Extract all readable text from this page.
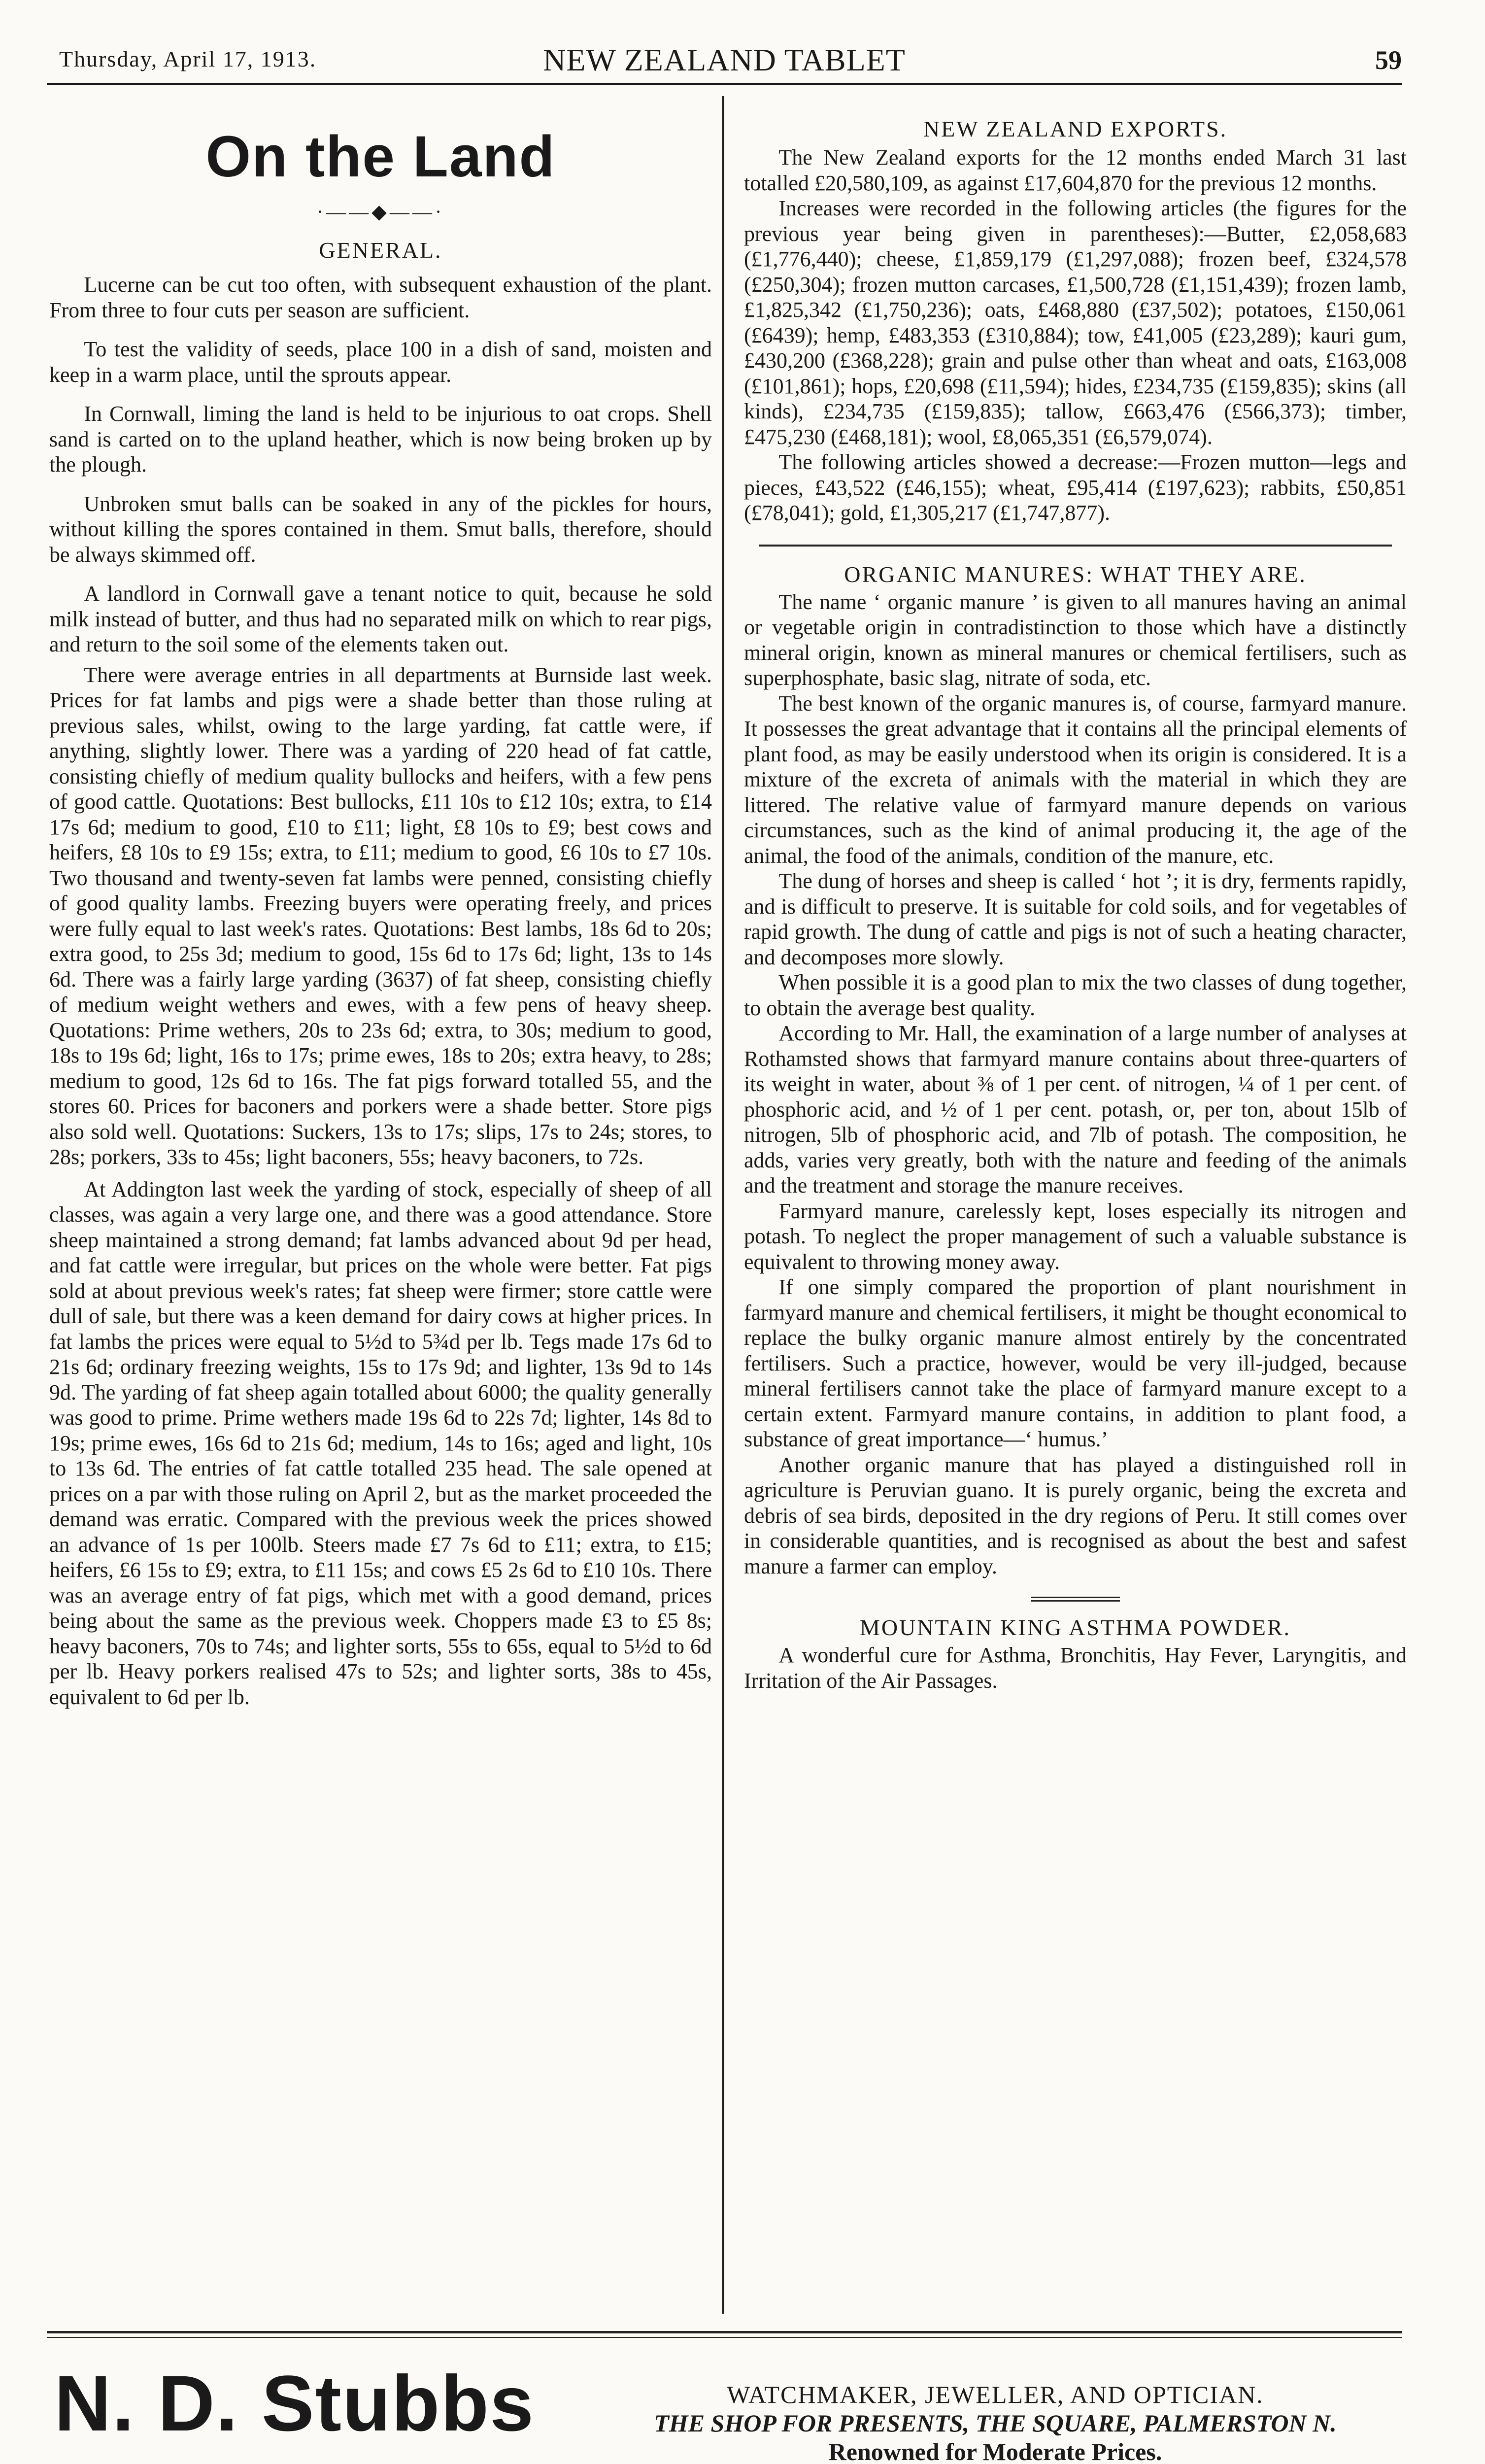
Thursday, April 17, 1913.	NEW ZEALAND TABLET	59
On the Land
·——◆——·
GENERAL.

Lucerne can be cut too often, with subsequent exhaustion of the plant. From three to four cuts per season are sufficient.

To test the validity of seeds, place 100 in a dish of sand, moisten and keep in a warm place, until the sprouts appear.

In Cornwall, liming the land is held to be injurious to oat crops. Shell sand is carted on to the upland heather, which is now being broken up by the plough.

Unbroken smut balls can be soaked in any of the pickles for hours, without killing the spores contained in them. Smut balls, therefore, should be always skimmed off.

A landlord in Cornwall gave a tenant notice to quit, because he sold milk instead of butter, and thus had no separated milk on which to rear pigs, and return to the soil some of the elements taken out.

There were average entries in all departments at Burnside last week. Prices for fat lambs and pigs were a shade better than those ruling at previous sales, whilst, owing to the large yarding, fat cattle were, if anything, slightly lower. There was a yarding of 220 head of fat cattle, consisting chiefly of medium quality bullocks and heifers, with a few pens of good cattle. Quotations: Best bullocks, £11 10s to £12 10s; extra, to £14 17s 6d; medium to good, £10 to £11; light, £8 10s to £9; best cows and heifers, £8 10s to £9 15s; extra, to £11; medium to good, £6 10s to £7 10s. Two thousand and twenty-seven fat lambs were penned, consisting chiefly of good quality lambs. Freezing buyers were operating freely, and prices were fully equal to last week's rates. Quotations: Best lambs, 18s 6d to 20s; extra good, to 25s 3d; medium to good, 15s 6d to 17s 6d; light, 13s to 14s 6d. There was a fairly large yarding (3637) of fat sheep, consisting chiefly of medium weight wethers and ewes, with a few pens of heavy sheep. Quotations: Prime wethers, 20s to 23s 6d; extra, to 30s; medium to good, 18s to 19s 6d; light, 16s to 17s; prime ewes, 18s to 20s; extra heavy, to 28s; medium to good, 12s 6d to 16s. The fat pigs forward totalled 55, and the stores 60. Prices for baconers and porkers were a shade better. Store pigs also sold well. Quotations: Suckers, 13s to 17s; slips, 17s to 24s; stores, to 28s; porkers, 33s to 45s; light baconers, 55s; heavy baconers, to 72s.

At Addington last week the yarding of stock, especially of sheep of all classes, was again a very large one, and there was a good attendance. Store sheep maintained a strong demand; fat lambs advanced about 9d per head, and fat cattle were irregular, but prices on the whole were better. Fat pigs sold at about previous week's rates; fat sheep were firmer; store cattle were dull of sale, but there was a keen demand for dairy cows at higher prices. In fat lambs the prices were equal to 5½d to 5¾d per lb. Tegs made 17s 6d to 21s 6d; ordinary freezing weights, 15s to 17s 9d; and lighter, 13s 9d to 14s 9d. The yarding of fat sheep again totalled about 6000; the quality generally was good to prime. Prime wethers made 19s 6d to 22s 7d; lighter, 14s 8d to 19s; prime ewes, 16s 6d to 21s 6d; medium, 14s to 16s; aged and light, 10s to 13s 6d. The entries of fat cattle totalled 235 head. The sale opened at prices on a par with those ruling on April 2, but as the market proceeded the demand was erratic. Compared with the previous week the prices showed an advance of 1s per 100lb. Steers made £7 7s 6d to £11; extra, to £15; heifers, £6 15s to £9; extra, to £11 15s; and cows £5 2s 6d to £10 10s. There was an average entry of fat pigs, which met with a good demand, prices being about the same as the previous week. Choppers made £3 to £5 8s; heavy baconers, 70s to 74s; and lighter sorts, 55s to 65s, equal to 5½d to 6d per lb. Heavy porkers realised 47s to 52s; and lighter sorts, 38s to 45s, equivalent to 6d per lb.

NEW ZEALAND EXPORTS.

The New Zealand exports for the 12 months ended March 31 last totalled £20,580,109, as against £17,604,870 for the previous 12 months.

Increases were recorded in the following articles (the figures for the previous year being given in parentheses):—Butter, £2,058,683 (£1,776,440); cheese, £1,859,179 (£1,297,088); frozen beef, £324,578 (£250,304); frozen mutton carcases, £1,500,728 (£1,151,439); frozen lamb, £1,825,342 (£1,750,236); oats, £468,880 (£37,502); potatoes, £150,061 (£6439); hemp, £483,353 (£310,884); tow, £41,005 (£23,289); kauri gum, £430,200 (£368,228); grain and pulse other than wheat and oats, £163,008 (£101,861); hops, £20,698 (£11,594); hides, £234,735 (£159,835); skins (all kinds), £234,735 (£159,835); tallow, £663,476 (£566,373); timber, £475,230 (£468,181); wool, £8,065,351 (£6,579,074).

The following articles showed a decrease:—Frozen mutton—legs and pieces, £43,522 (£46,155); wheat, £95,414 (£197,623); rabbits, £50,851 (£78,041); gold, £1,305,217 (£1,747,877).

ORGANIC MANURES: WHAT THEY ARE.

The name ‘ organic manure ’ is given to all manures having an animal or vegetable origin in contradistinction to those which have a distinctly mineral origin, known as mineral manures or chemical fertilisers, such as superphosphate, basic slag, nitrate of soda, etc.

The best known of the organic manures is, of course, farmyard manure. It possesses the great advantage that it contains all the principal elements of plant food, as may be easily understood when its origin is considered. It is a mixture of the excreta of animals with the material in which they are littered. The relative value of farmyard manure depends on various circumstances, such as the kind of animal producing it, the age of the animal, the food of the animals, condition of the manure, etc.

The dung of horses and sheep is called ‘ hot ’; it is dry, ferments rapidly, and is difficult to preserve. It is suitable for cold soils, and for vegetables of rapid growth. The dung of cattle and pigs is not of such a heating character, and decomposes more slowly.

When possible it is a good plan to mix the two classes of dung together, to obtain the average best quality.

According to Mr. Hall, the examination of a large number of analyses at Rothamsted shows that farmyard manure contains about three-quarters of its weight in water, about ⅜ of 1 per cent. of nitrogen, ¼ of 1 per cent. of phosphoric acid, and ½ of 1 per cent. potash, or, per ton, about 15lb of nitrogen, 5lb of phosphoric acid, and 7lb of potash. The composition, he adds, varies very greatly, both with the nature and feeding of the animals and the treatment and storage the manure receives.

Farmyard manure, carelessly kept, loses especially its nitrogen and potash. To neglect the proper management of such a valuable substance is equivalent to throwing money away.

If one simply compared the proportion of plant nourishment in farmyard manure and chemical fertilisers, it might be thought economical to replace the bulky organic manure almost entirely by the concentrated fertilisers. Such a practice, however, would be very ill-judged, because mineral fertilisers cannot take the place of farmyard manure except to a certain extent. Farmyard manure contains, in addition to plant food, a substance of great importance—‘ humus.’

Another organic manure that has played a distinguished roll in agriculture is Peruvian guano. It is purely organic, being the excreta and debris of sea birds, deposited in the dry regions of Peru. It still comes over in considerable quantities, and is recognised as about the best and safest manure a farmer can employ.

MOUNTAIN KING ASTHMA POWDER.

A wonderful cure for Asthma, Bronchitis, Hay Fever, Laryngitis, and Irritation of the Air Passages.

N. D. Stubbs	WATCHMAKER, JEWELLER, AND OPTICIAN.
THE SHOP FOR PRESENTS, THE SQUARE, PALMERSTON N.
Renowned for Moderate Prices.
